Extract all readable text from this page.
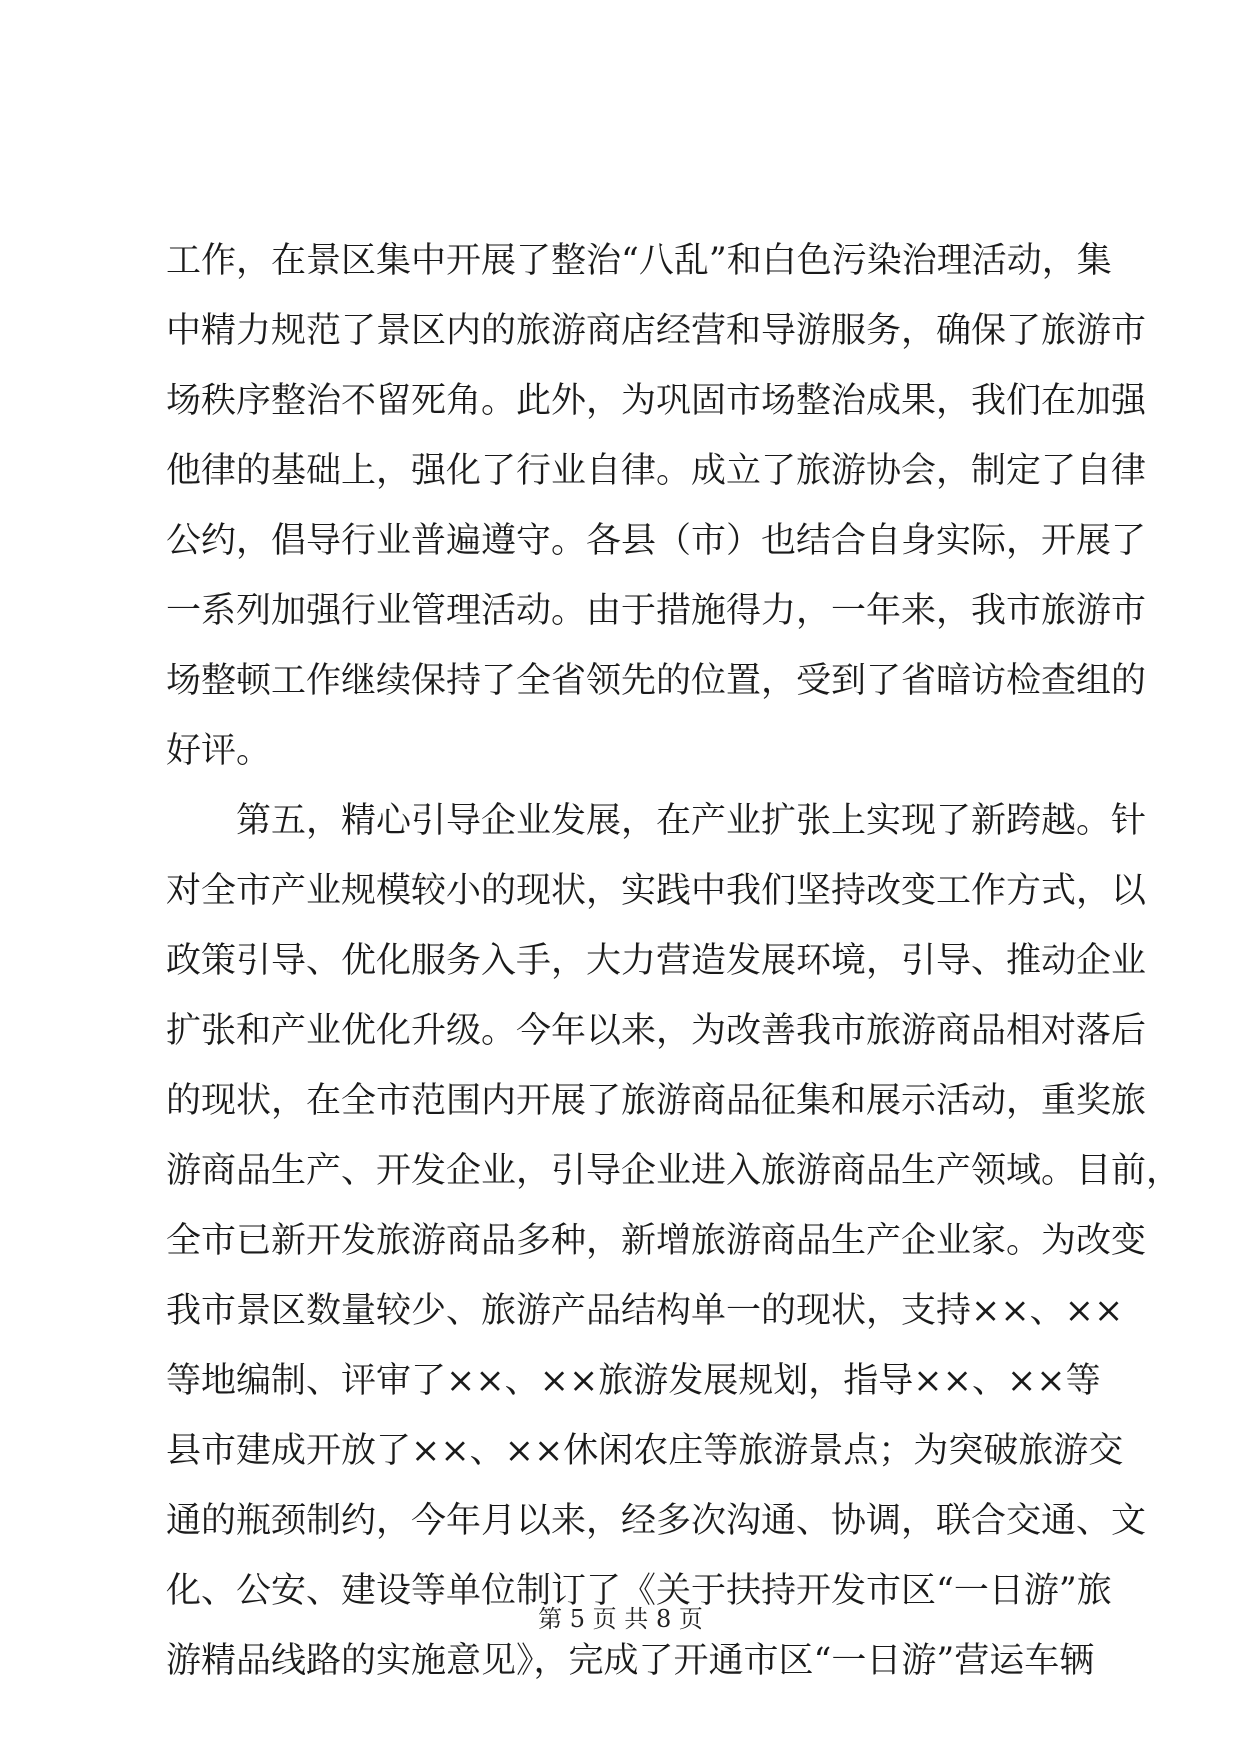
工作，在景区集中开展了整治“八乱”和白色污染治理活动，集
中精力规范了景区内的旅游商店经营和导游服务，确保了旅游市
场秩序整治不留死角。此外，为巩固市场整治成果，我们在加强
他律的基础上，强化了行业自律。成立了旅游协会，制定了自律
公约，倡导行业普遍遵守。各县（市）也结合自身实际，开展了
一系列加强行业管理活动。由于措施得力，一年来，我市旅游市
场整顿工作继续保持了全省领先的位置，受到了省暗访检查组的
好评。
第五，精心引导企业发展，在产业扩张上实现了新跨越。针
对全市产业规模较小的现状，实践中我们坚持改变工作方式，以
政策引导、优化服务入手，大力营造发展环境，引导、推动企业
扩张和产业优化升级。今年以来，为改善我市旅游商品相对落后
的现状，在全市范围内开展了旅游商品征集和展示活动，重奖旅
游商品生产、开发企业，引导企业进入旅游商品生产领域。目前，
全市已新开发旅游商品多种，新增旅游商品生产企业家。为改变
我市景区数量较少、旅游产品结构单一的现状，支持××、××
等地编制、评审了××、××旅游发展规划，指导××、××等
县市建成开放了××、××休闲农庄等旅游景点；为突破旅游交
通的瓶颈制约，今年月以来，经多次沟通、协调，联合交通、文
化、公安、建设等单位制订了《关于扶持开发市区“一日游”旅
游精品线路的实施意见》，完成了开通市区“一日游”营运车辆
第 5 页 共 8 页
